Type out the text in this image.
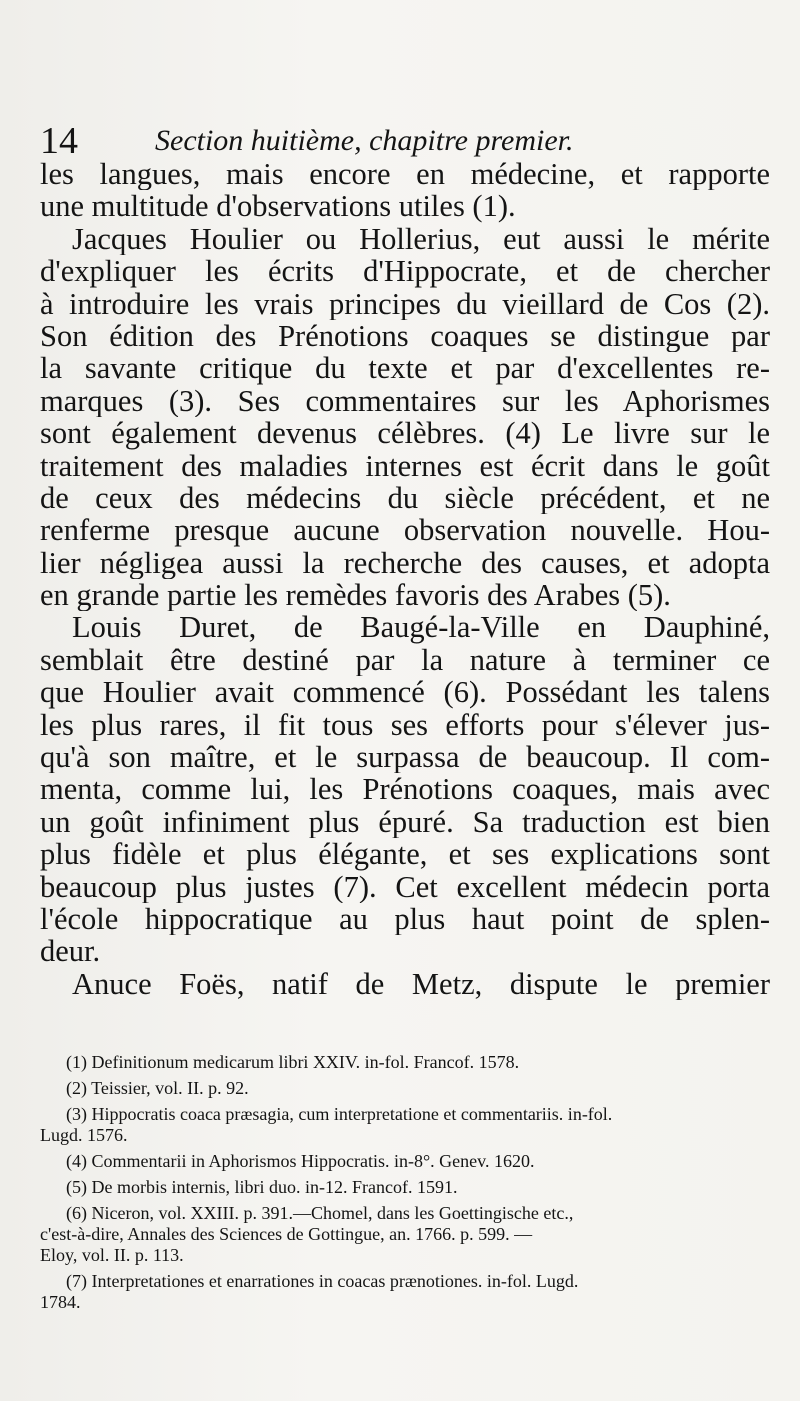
14	Section huitième, chapitre premier.
les langues, mais encore en médecine, et rapporte
une multitude d'observations utiles (1).
Jacques Houlier ou Hollerius, eut aussi le mérite
d'expliquer les écrits d'Hippocrate, et de chercher
à introduire les vrais principes du vieillard de Cos (2).
Son édition des Prénotions coaques se distingue par
la savante critique du texte et par d'excellentes re-
marques (3). Ses commentaires sur les Aphorismes
sont également devenus célèbres. (4) Le livre sur le
traitement des maladies internes est écrit dans le goût
de ceux des médecins du siècle précédent, et ne
renferme presque aucune observation nouvelle. Hou-
lier négligea aussi la recherche des causes, et adopta
en grande partie les remèdes favoris des Arabes (5).
Louis Duret, de Baugé-la-Ville en Dauphiné,
semblait être destiné par la nature à terminer ce
que Houlier avait commencé (6). Possédant les talens
les plus rares, il fit tous ses efforts pour s'élever jus-
qu'à son maître, et le surpassa de beaucoup. Il com-
menta, comme lui, les Prénotions coaques, mais avec
un goût infiniment plus épuré. Sa traduction est bien
plus fidèle et plus élégante, et ses explications sont
beaucoup plus justes (7). Cet excellent médecin porta
l'école hippocratique au plus haut point de splen-
deur.
Anuce Foës, natif de Metz, dispute le premier
(1) Definitionum medicarum libri XXIV. in-fol. Francof. 1578.
(2) Teissier, vol. II. p. 92.
(3) Hippocratis coaca præsagia, cum interpretatione et commentariis. in-fol.
Lugd. 1576.
(4) Commentarii in Aphorismos Hippocratis. in-8°. Genev. 1620.
(5) De morbis internis, libri duo. in-12. Francof. 1591.
(6) Niceron, vol. XXIII. p. 391.—Chomel, dans les Goettingische etc.,
c'est-à-dire, Annales des Sciences de Gottingue, an. 1766. p. 599. —
Eloy, vol. II. p. 113.
(7) Interpretationes et enarrationes in coacas prænotiones. in-fol. Lugd.
1784.
